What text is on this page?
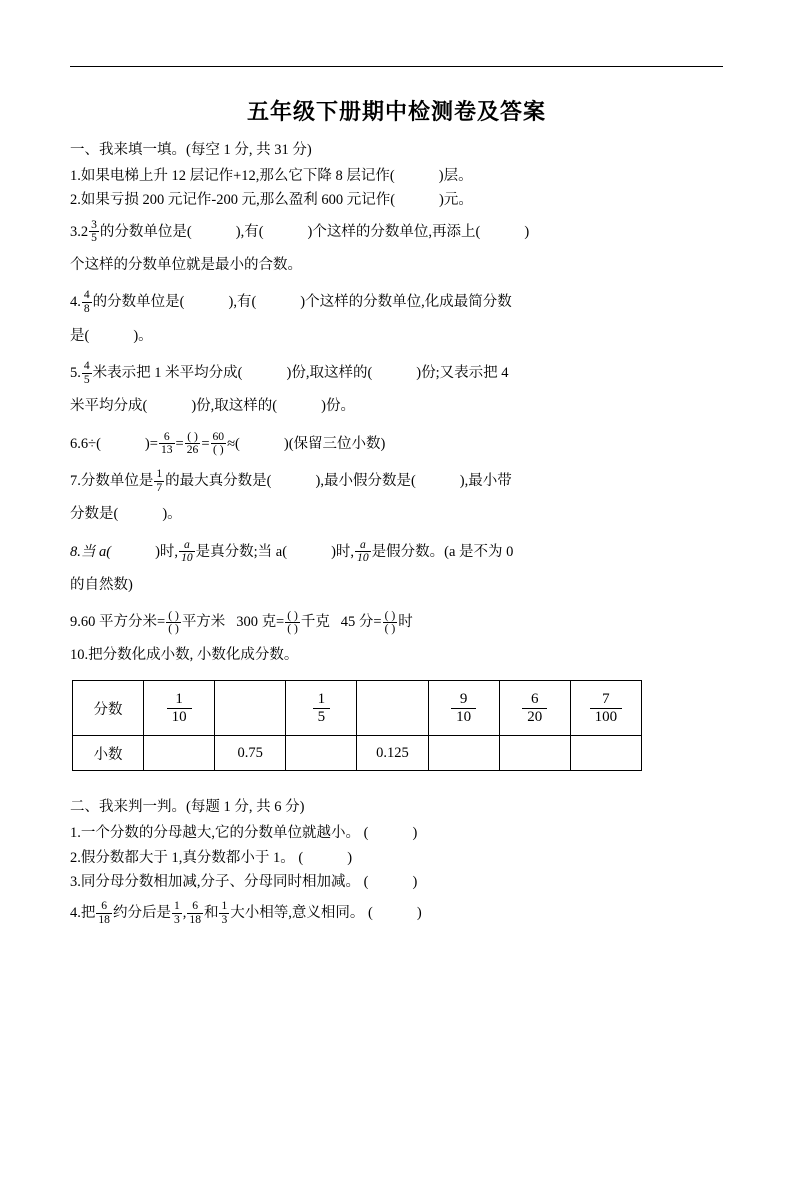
五年级下册期中检测卷及答案
一、我来填一填。(每空 1 分, 共 31 分)
1.如果电梯上升 12 层记作+12,那么它下降 8 层记作(	)层。
2.如果亏损 200 元记作-200 元,那么盈利 600 元记作(	)元。
$3.2 \frac{3}{5}$ 的分数单位是(	),有(	)个这样的分数单位,再添上(	)
个这样的分数单位就是最小的合数。
4. $\frac{4}{8}$ 的分数单位是(	),有(	)个这样的分数单位,化成最简分数
是(	)。
5. $\frac{4}{5}$ 米表示把 1 米平均分成(	)份,取这样的(	)份;又表示把 4
米平均分成(	)份,取这样的(	)份。
6.6÷(	)= $\frac{6}{13} = \frac{( )}{26} = \frac{60}{( )}$ ≈(	)(保留三位小数)
7.分数单位是 $\frac{1}{7}$ 的最大真分数是(	),最小假分数是(	),最小带
分数是(	)。
8.当 a(	)时, $\frac{a}{10}$ 是真分数;当 a(	)时, $\frac{a}{10}$ 是假分数。(a 是不为 0
的自然数)
9.60 平方分米= $\frac{( )}{( )}$ 平方米 300 克= $\frac{( )}{( )}$ 千克 45 分= $\frac{( )}{( )}$ 时
10.把分数化成小数, 小数化成分数。
分数	$\frac{1}{10}$		$\frac{1}{5}$		$\frac{9}{10}$	$\frac{6}{20}$	$\frac{7}{100}$

小数		0.75		0.125			
二、我来判一判。(每题 1 分, 共 6 分)
1.一个分数的分母越大,它的分数单位就越小。 (	)
2.假分数都大于 1,真分数都小于 1。 (	)
3.同分母分数相加减,分子、分母同时相加减。 (	)
4.把 $\frac{6}{18}$ 约分后是 $\frac{1}{3}$ , $\frac{6}{18}$ 和 $\frac{1}{3}$ 大小相等,意义相同。 (	)
